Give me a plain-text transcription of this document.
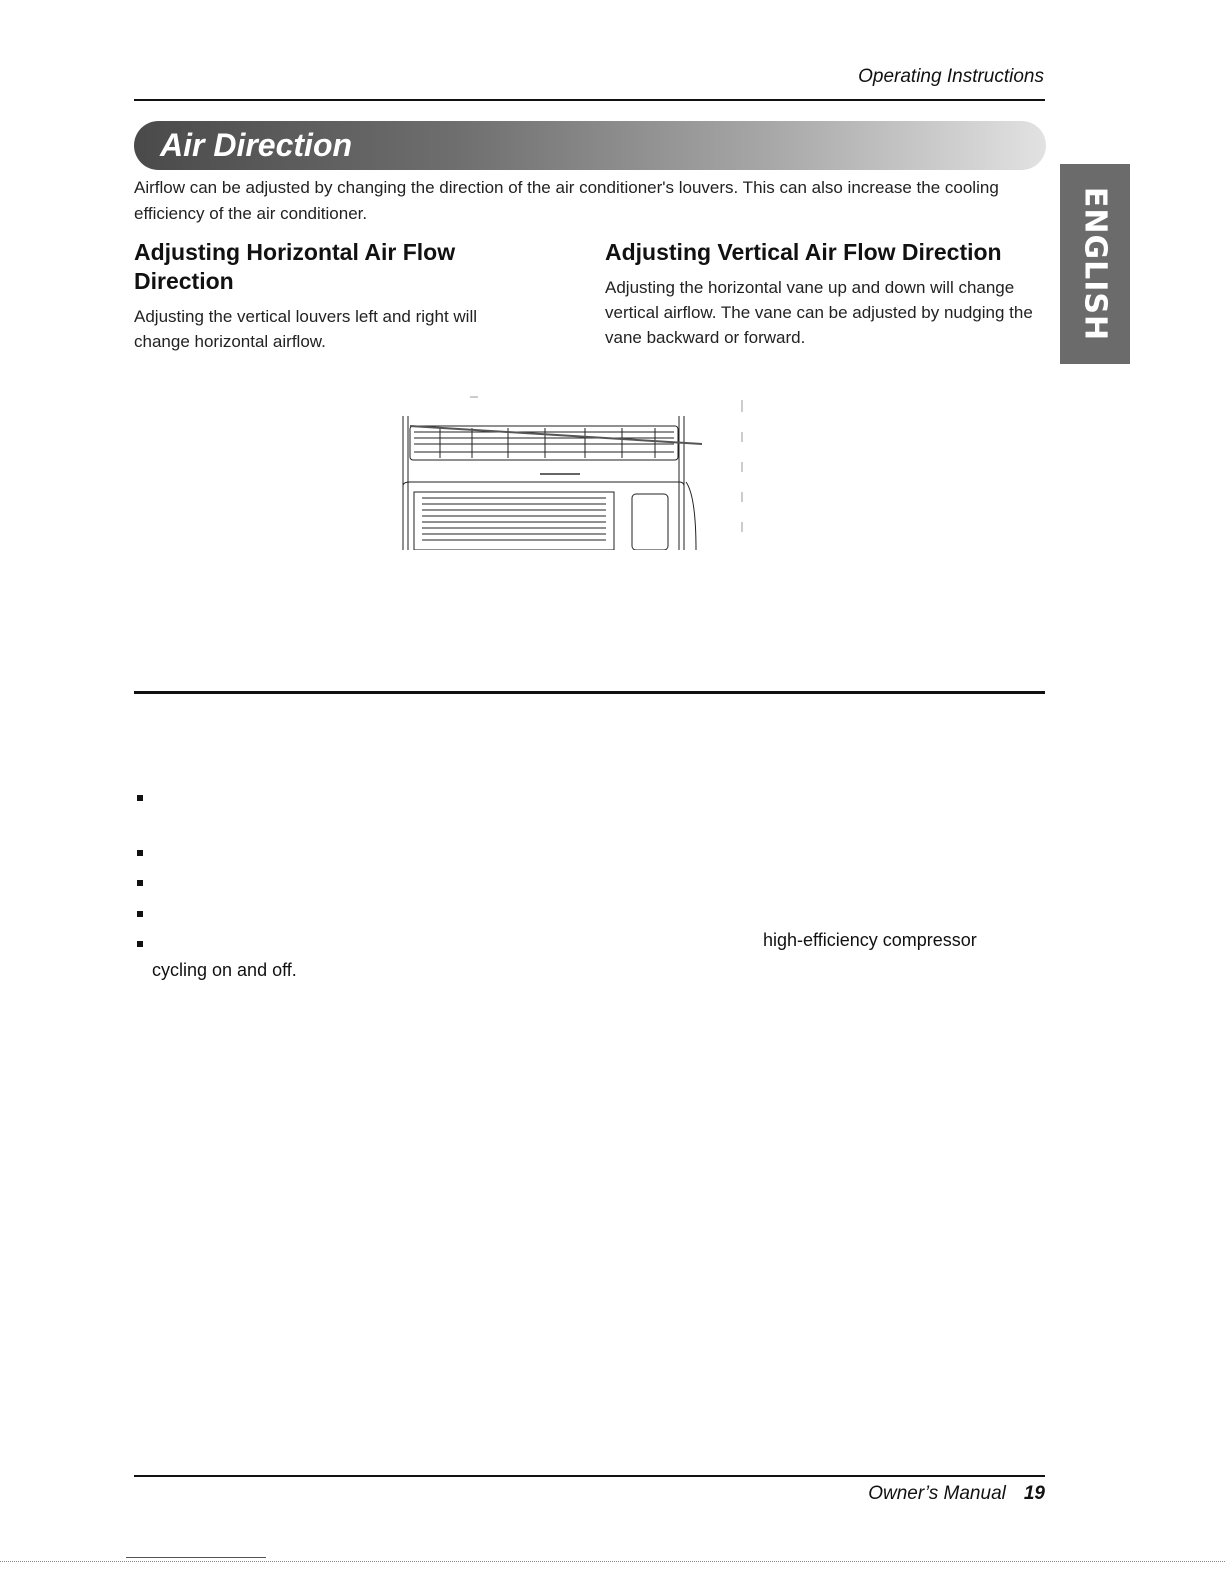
Operating Instructions
Air Direction
ENGLISH
Airflow can be adjusted by changing the direction of the air conditioner's louvers. This can also increase the cooling efficiency of the air conditioner.
Adjusting Horizontal Air Flow
Direction
Adjusting the vertical louvers left and right will change horizontal airflow.
Adjusting Vertical Air Flow Direction
Adjusting the horizontal vane up and down will change vertical airflow. The vane can be adjusted by nudging the vane backward or forward.
high-efficiency compressor
cycling on and off.
Owner’s Manual 19
